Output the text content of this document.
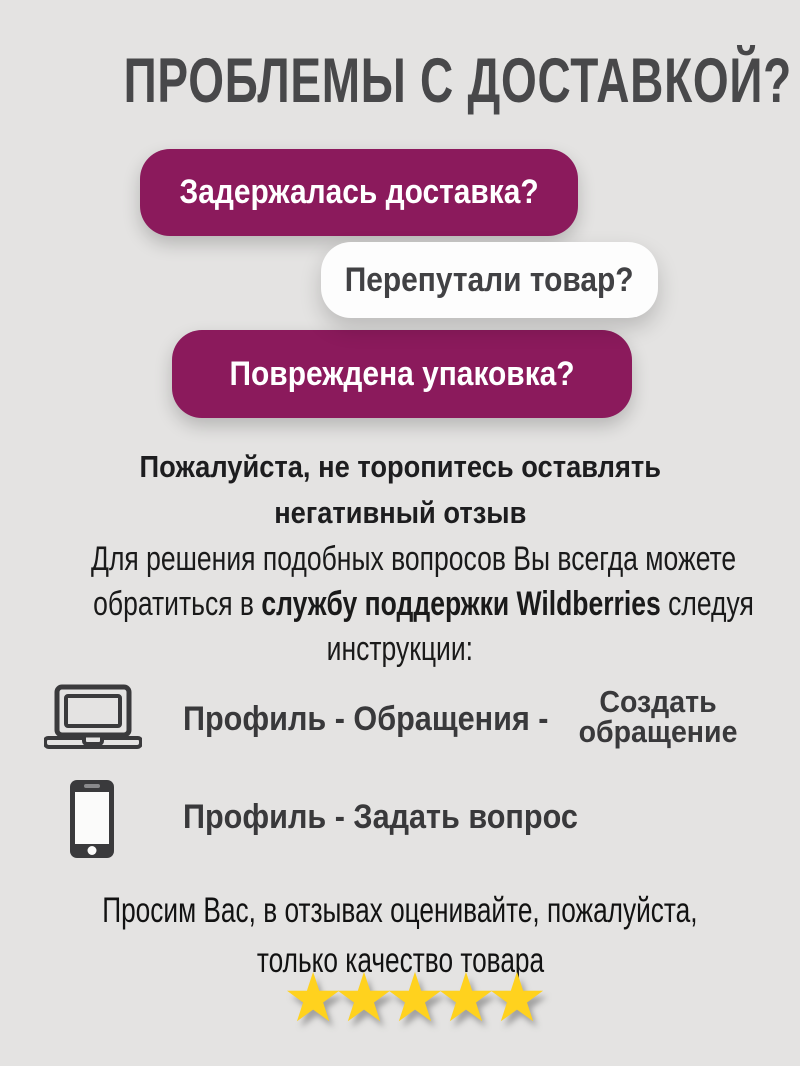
ПРОБЛЕМЫ С ДОСТАВКОЙ?
Задержалась доставка?
Перепутали товар?
Повреждена упаковка?
Пожалуйста, не торопитесь оставлять
негативный отзыв
Для решения подобных вопросов Вы всегда можете
обратиться в службу поддержки Wildberries следуя
инструкции:
Профиль - Обращения -	Создать
обращение
Профиль - Задать вопрос
Просим Вас, в отзывах оценивайте, пожалуйста,
только качество товара
★★★★★
